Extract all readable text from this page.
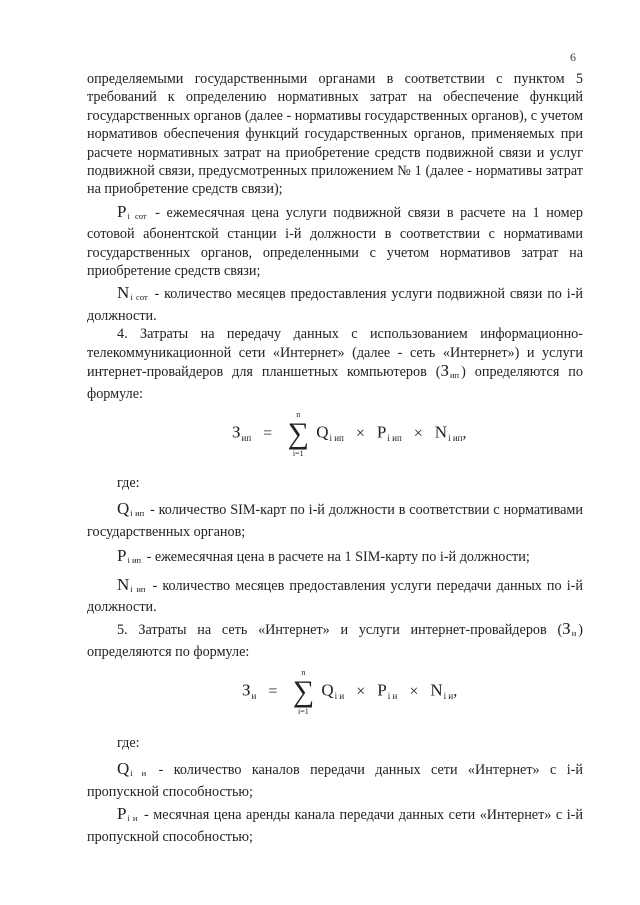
6

определяемыми государственными органами в соответствии с пунктом 5 требований к определению нормативных затрат на обеспечение функций государственных органов (далее - нормативы государственных органов), с учетом нормативов обеспечения функций государственных органов, применяемых при расчете нормативных затрат на приобретение средств подвижной связи и услуг подвижной связи, предусмотренных приложением № 1 (далее - нормативы затрат на приобретение средств связи);

$P_{i сот}$ - ежемесячная цена услуги подвижной связи в расчете на 1 номер сотовой абонентской станции i-й должности в соответствии с нормативами государственных органов, определенными с учетом нормативов затрат на приобретение средств связи;

$N_{i сот}$ - количество месяцев предоставления услуги подвижной связи по i-й должности.

4. Затраты на передачу данных с использованием информационно-телекоммуникационной сети «Интернет» (далее - сеть «Интернет») и услуги интернет-провайдеров для планшетных компьютеров ($З_{ип}$ ) определяются по формуле:

Зип =
n
∑
i=1
Qi ип × Pi ип × Ni ип,

где:

$Q_{i ип}$ - количество SIM-карт по i-й должности в соответствии с нормативами государственных органов;

$P_{i ип}$ - ежемесячная цена в расчете на 1 SIM-карту по i-й должности;

$N_{i ип}$ - количество месяцев предоставления услуги передачи данных по i-й должности.

5. Затраты на сеть «Интернет» и услуги интернет-провайдеров ($З_и$ ) определяются по формуле:

Зи =
n
∑
i=1
Qi и × Pi и × Ni и,

где:

$Q_{i и}$ - количество каналов передачи данных сети «Интернет» с i-й пропускной способностью;

$P_{i и}$ - месячная цена аренды канала передачи данных сети «Интернет» с i-й пропускной способностью;
